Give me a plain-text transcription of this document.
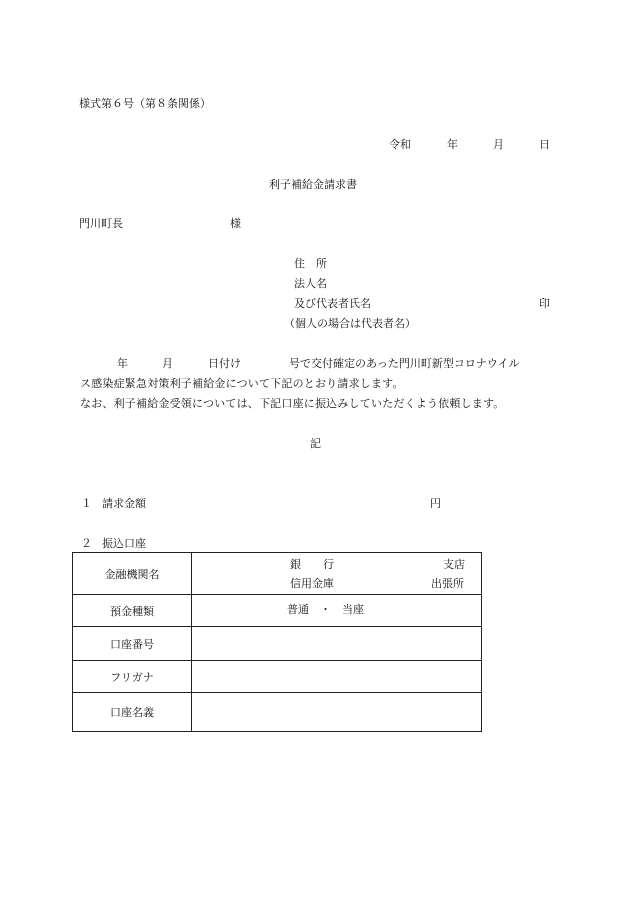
様式第６号（第８条関係）
令和	年	月	日
利子補給金請求書
門川町長	様
住　所
法人名
及び代表者氏名	印
（個人の場合は代表者名）
年	月	日付け	号で交付確定のあった門川町新型コロナウイル
ス感染症緊急対策利子補給金について下記のとおり請求します。
なお、利子補給金受領については、下記口座に振込みしていただくよう依頼します。
記
１ 請求金額	円
２ 振込口座
金融機関名	銀　　行 支店
信用金庫 出張所

預金種類	普通　・　当座

口座番号	
フリガナ	
口座名義	
